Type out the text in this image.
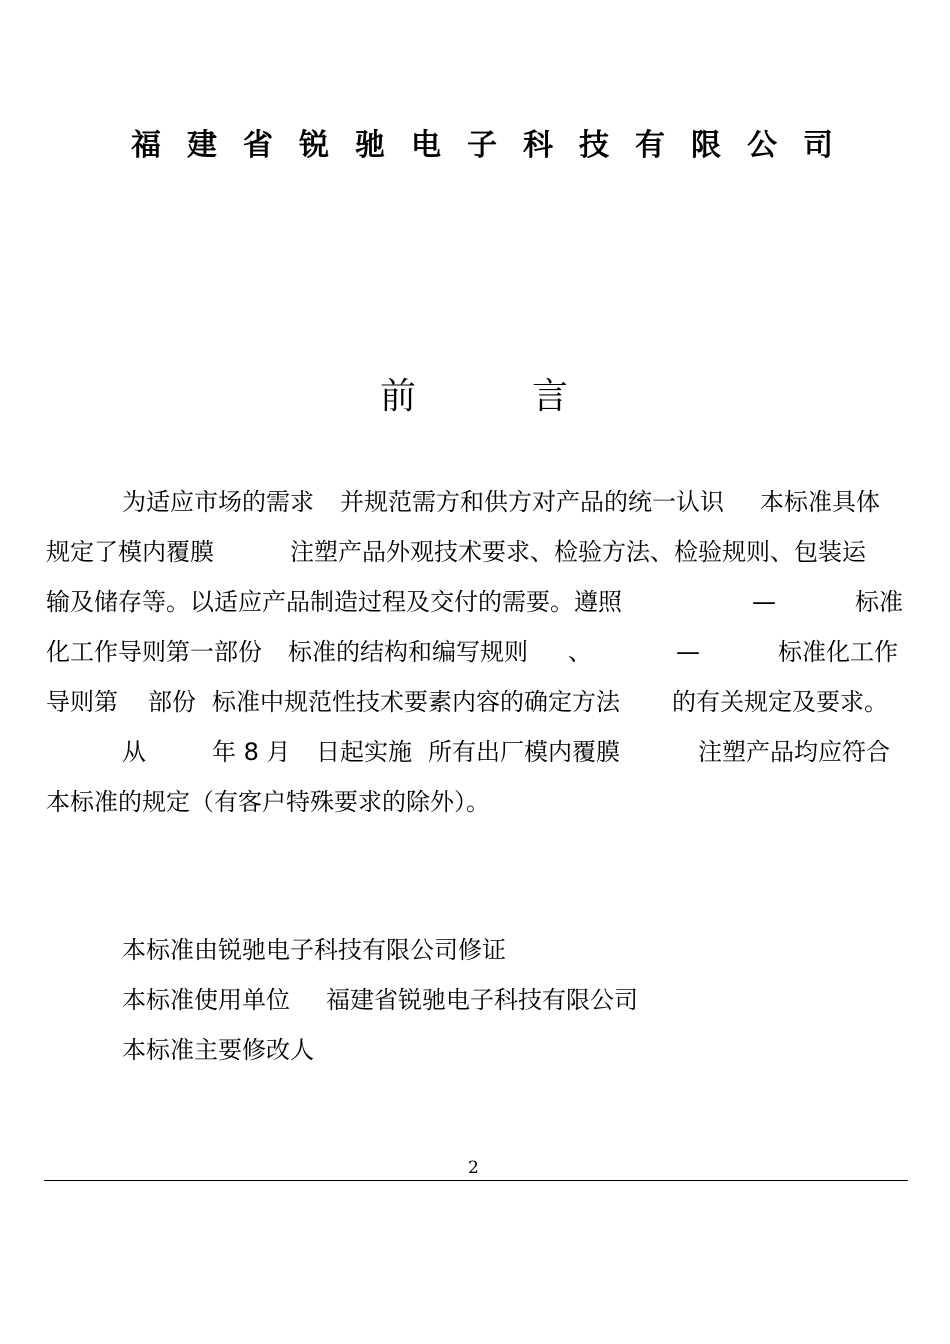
福建省锐驰电子科技有限公司
前	言
为适应市场的需求 并规范需方和供方对产品的统一认识 本标准具体
规定了模内覆膜	注塑产品外观技术要求、检验方法、检验规则、包装运
输及储存等。以适应产品制造过程及交付的需要。遵照	—	标准
化工作导则第一部份 标准的结构和编写规则 、	—	标准化工作
导则第 部份 标准中规范性技术要素内容的确定方法 的有关规定及要求。
从	年 8 月 日起实施 所有出厂模内覆膜	注塑产品均应符合
本标准的规定（有客户特殊要求的除外）。
本标准由锐驰电子科技有限公司修证
本标准使用单位 福建省锐驰电子科技有限公司
本标准主要修改人
2
